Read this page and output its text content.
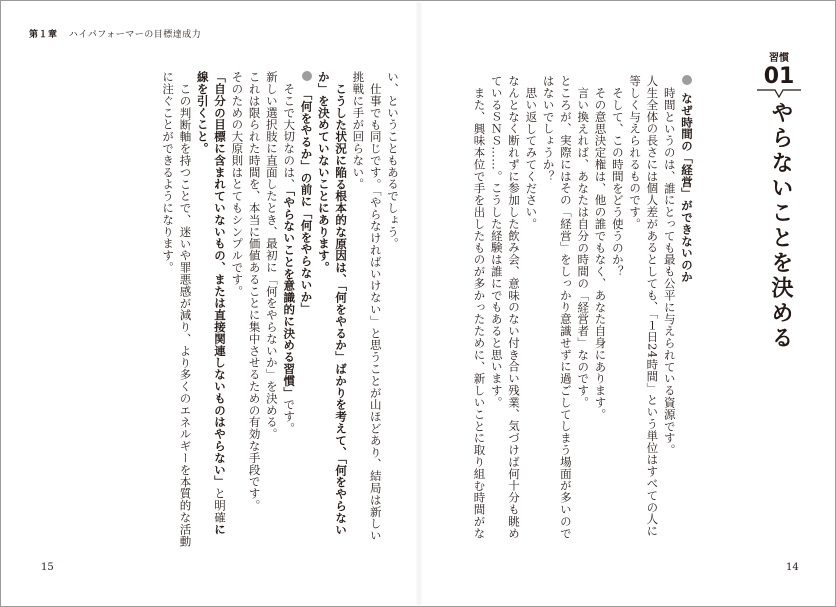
第１章 ハイパフォーマーの目標達成力
習慣
01
やらないことを決める
なぜ時間の「経営」ができないのか
時間というのは、誰にとっても最も公平に与えられている資源です。
人生全体の長さには個人差があるとしても、「１日24時間」という単位はすべての人に
等しく与えられるものです。
そして、この時間をどう使うのか？
その意思決定権は、他の誰でもなく、あなた自身にあります。
言い換えれば、あなたは自分の時間の「経営者」なのです。
ところが、実際にはその「経営」をしっかり意識せずに過ごしてしまう場面が多いので
はないでしょうか？
思い返してみてください。
なんとなく断れずに参加した飲み会、意味のない付き合い残業、気づけば何十分も眺め
ているＳＮＳ……。こうした経験は誰にでもあると思います。
また、興味本位で手を出したものが多かったために、新しいことに取り組む時間がな
い、ということもあるでしょう。
仕事でも同じです。「やらなければいけない」と思うことが山ほどあり、結局は新しい
挑戦に手が回らない。
こうした状況に陥る根本的な原因は、「何をやるか」ばかりを考えて、「何をやらない
か」を決めていないことにあります。
「何をやるか」の前に「何をやらないか」
そこで大切なのは、「やらないことを意識的に決める習慣」です。
新しい選択肢に直面したとき、最初に「何をやらないか」を決める。
これは限られた時間を、本当に価値あることに集中させるための有効な手段です。
そのための大原則はとてもシンプルです。
「自分の目標に含まれていないもの、または直接関連しないものはやらない」と明確に
線を引くこと。
この判断軸を持つことで、迷いや罪悪感が減り、より多くのエネルギーを本質的な活動
に注ぐことができるようになります。
15	14
